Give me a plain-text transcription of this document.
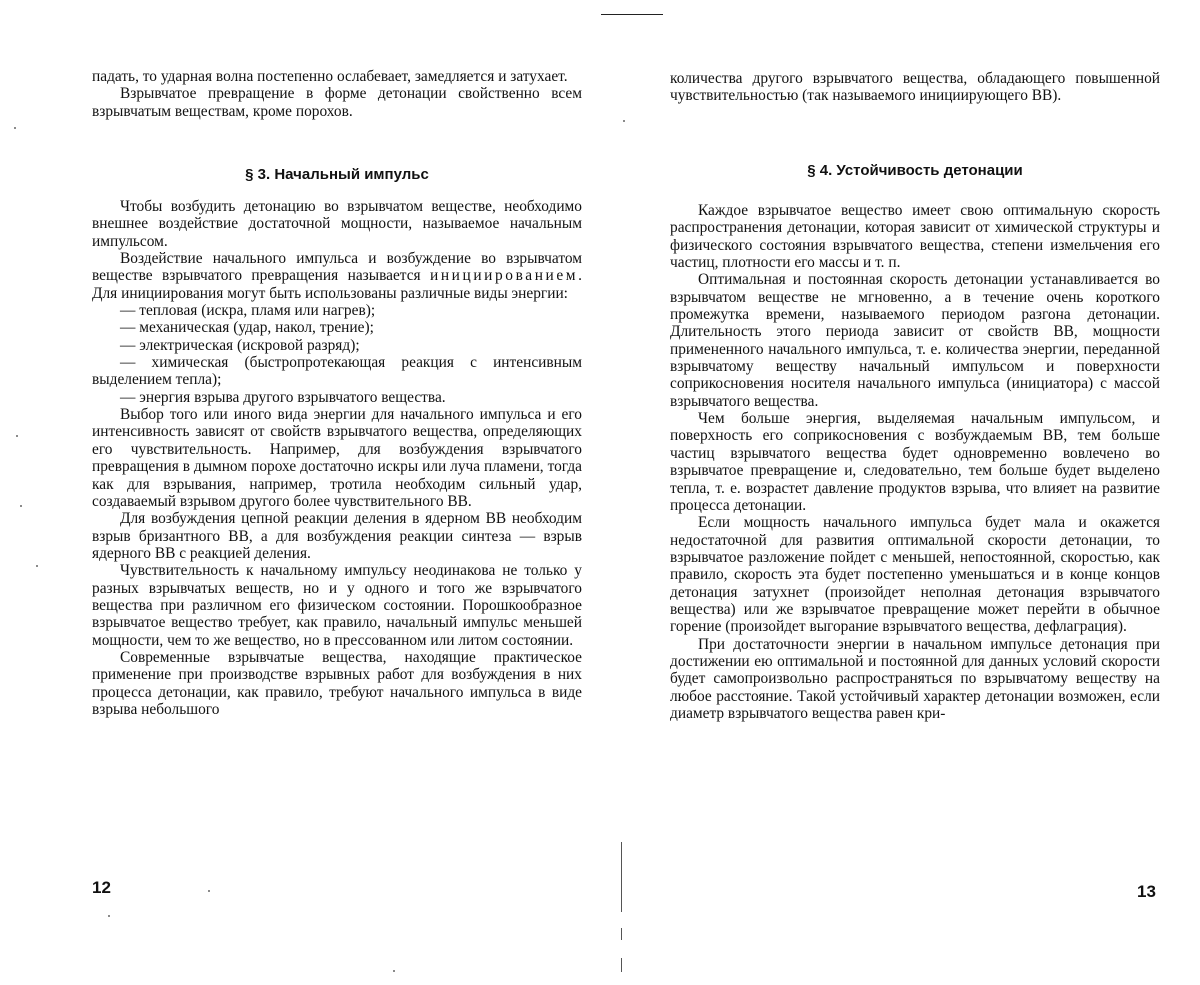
падать, то ударная волна постепенно ослабевает, замедляется и затухает.

Взрывчатое превращение в форме детонации свойственно всем взрывчатым веществам, кроме порохов.

§ 3. Начальный импульс

Чтобы возбудить детонацию во взрывчатом веществе, необходимо внешнее воздействие достаточной мощности, называемое начальным импульсом.

Воздействие начального импульса и возбуждение во взрывчатом веществе взрывчатого превращения называется инициированием. Для инициирования могут быть использованы различные виды энергии:

— тепловая (искра, пламя или нагрев);

— механическая (удар, накол, трение);

— электрическая (искровой разряд);

— химическая (быстропротекающая реакция с интенсивным выделением тепла);

— энергия взрыва другого взрывчатого вещества.

Выбор того или иного вида энергии для начального импульса и его интенсивность зависят от свойств взрывчатого вещества, определяющих его чувствительность. Например, для возбуждения взрывчатого превращения в дымном порохе достаточно искры или луча пламени, тогда как для взрывания, например, тротила необходим сильный удар, создаваемый взрывом другого более чувствительного ВВ.

Для возбуждения цепной реакции деления в ядерном ВВ необходим взрыв бризантного ВВ, а для возбуждения реакции синтеза — взрыв ядерного ВВ с реакцией деления.

Чувствительность к начальному импульсу неодинакова не только у разных взрывчатых веществ, но и у одного и того же взрывчатого вещества при различном его физическом состоянии. Порошкообразное взрывчатое вещество требует, как правило, начальный импульс меньшей мощности, чем то же вещество, но в прессованном или литом состоянии.

Современные взрывчатые вещества, находящие практическое применение при производстве взрывных работ для возбуждения в них процесса детонации, как правило, требуют начального импульса в виде взрыва небольшого

12

количества другого взрывчатого вещества, обладающего повышенной чувствительностью (так называемого инициирующего ВВ).

§ 4. Устойчивость детонации

Каждое взрывчатое вещество имеет свою оптимальную скорость распространения детонации, которая зависит от химической структуры и физического состояния взрывчатого вещества, степени измельчения его частиц, плотности его массы и т. п.

Оптимальная и постоянная скорость детонации устанавливается во взрывчатом веществе не мгновенно, а в течение очень короткого промежутка времени, называемого периодом разгона детонации. Длительность этого периода зависит от свойств ВВ, мощности примененного начального импульса, т. е. количества энергии, переданной взрывчатому веществу начальный импульсом и поверхности соприкосновения носителя начального импульса (инициатора) с массой взрывчатого вещества.

Чем больше энергия, выделяемая начальным импульсом, и поверхность его соприкосновения с возбуждаемым ВВ, тем больше частиц взрывчатого вещества будет одновременно вовлечено во взрывчатое превращение и, следовательно, тем больше будет выделено тепла, т. е. возрастет давление продуктов взрыва, что влияет на развитие процесса детонации.

Если мощность начального импульса будет мала и окажется недостаточной для развития оптимальной скорости детонации, то взрывчатое разложение пойдет с меньшей, непостоянной, скоростью, как правило, скорость эта будет постепенно уменьшаться и в конце концов детонация затухнет (произойдет неполная детонация взрывчатого вещества) или же взрывчатое превращение может перейти в обычное горение (произойдет выгорание взрывчатого вещества, дефлаграция).

При достаточности энергии в начальном импульсе детонация при достижении ею оптимальной и постоянной для данных условий скорости будет самопроизвольно распространяться по взрывчатому веществу на любое расстояние. Такой устойчивый характер детонации возможен, если диаметр взрывчатого вещества равен кри-

13
